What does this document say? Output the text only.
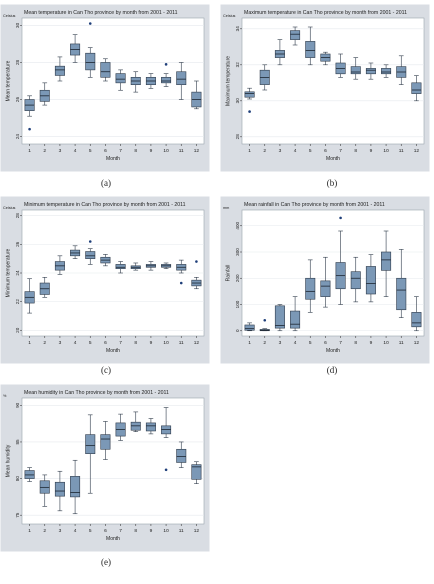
Mean temperature in Can Tho province by month from 2001 - 2011
Celsius
24
26
28
30
Mean temperature
1	2	3	4	5	6	7	8	9 10 11 12
Month
Maximum temperature in Can Tho province by month from 2001 - 2011
Celsius
28
30
32
34
Maximum temperature
1	2	3	4	5	6	7	8	9 10 11 12
Month
Minimum temperature in Can Tho province by month from 2001 - 2011
Celsius
20
22
24
26
28
Minimum temperature
1	2	3	4	5	6	7	8	9 10 11 12
Month
Mean rainfall in Can Tho province by month from 2001 - 2011
mm
0
100
200
300
400
Rainfall
1	2	3	4	5	6	7	8	9 10 11 12
Month
Mean humidity in Can Tho province by month from 2001 - 2011
%
75
80
85
90
Mean humidity
1	2	3	4	5	6	7	8	9 10 11 12
Month
(a)	(b)
(c)	(d)
(e)
